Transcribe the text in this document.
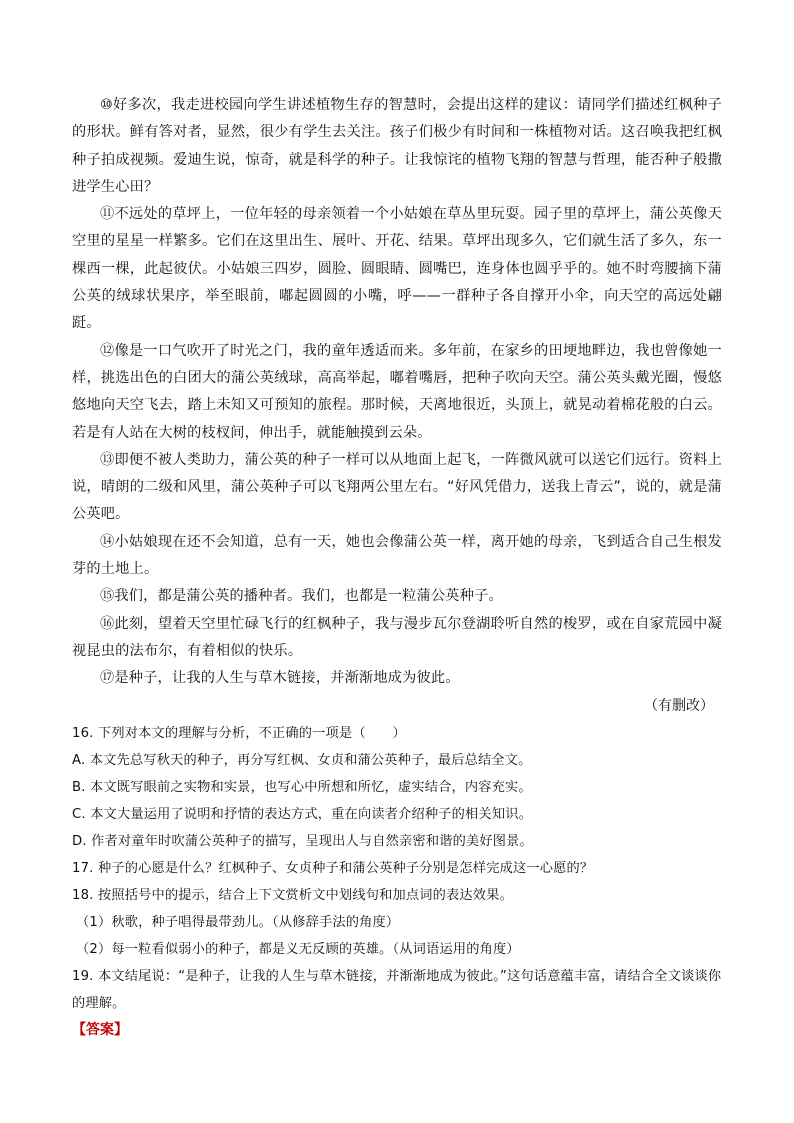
⑩好多次，我走进校园向学生讲述植物生存的智慧时，会提出这样的建议：请同学们描述红枫种子的形状。鲜有答对者，显然，很少有学生去关注。孩子们极少有时间和一株植物对话。这召唤我把红枫种子拍成视频。爱迪生说，惊奇，就是科学的种子。让我惊诧的植物飞翔的智慧与哲理，能否种子般撒进学生心田？

⑪不远处的草坪上，一位年轻的母亲领着一个小姑娘在草丛里玩耍。园子里的草坪上，蒲公英像天空里的星星一样繁多。它们在这里出生、展叶、开花、结果。草坪出现多久，它们就生活了多久，东一棵西一棵，此起彼伏。小姑娘三四岁，圆脸、圆眼睛、圆嘴巴，连身体也圆乎乎的。她不时弯腰摘下蒲公英的绒球状果序，举至眼前，嘟起圆圆的小嘴，呼——一群种子各自撑开小伞，向天空的高远处翩跹。

⑫像是一口气吹开了时光之门，我的童年透适而来。多年前，在家乡的田埂地畔边，我也曾像她一样，挑选出色的白团大的蒲公英绒球，高高举起，嘟着嘴唇，把种子吹向天空。蒲公英头戴光圈，慢悠悠地向天空飞去，踏上未知又可预知的旅程。那时候，天离地很近，头顶上，就晃动着棉花般的白云。若是有人站在大树的枝杈间，伸出手，就能触摸到云朵。

⑬即便不被人类助力，蒲公英的种子一样可以从地面上起飞，一阵微风就可以送它们远行。资料上说，晴朗的二级和风里，蒲公英种子可以飞翔两公里左右。“好风凭借力，送我上青云”，说的，就是蒲公英吧。

⑭小姑娘现在还不会知道，总有一天，她也会像蒲公英一样，离开她的母亲，飞到适合自己生根发芽的土地上。

⑮我们，都是蒲公英的播种者。我们，也都是一粒蒲公英种子。

⑯此刻，望着天空里忙碌飞行的红枫种子，我与漫步瓦尔登湖聆听自然的梭罗，或在自家荒园中凝视昆虫的法布尔，有着相似的快乐。

⑰是种子，让我的人生与草木链接，并渐渐地成为彼此。

（有删改）

16. 下列对本文的理解与分析，不正确的一项是（　　）

A. 本文先总写秋天的种子，再分写红枫、女贞和蒲公英种子，最后总结全文。

B. 本文既写眼前之实物和实景，也写心中所想和所忆，虚实结合，内容充实。

C. 本文大量运用了说明和抒情的表达方式，重在向读者介绍种子的相关知识。

D. 作者对童年时吹蒲公英种子的描写，呈现出人与自然亲密和谐的美好图景。

17. 种子的心愿是什么？红枫种子、女贞种子和蒲公英种子分别是怎样完成这一心愿的？

18. 按照括号中的提示，结合上下文赏析文中划线句和加点词的表达效果。

（1）秋歌，种子唱得最带劲儿。（从修辞手法的角度）

（2）每一粒看似弱小的种子，都是义无反顾的英雄。（从词语运用的角度）

19. 本文结尾说：“是种子，让我的人生与草木链接，并渐渐地成为彼此。”这句话意蕴丰富，请结合全文谈谈你的理解。

【答案】
